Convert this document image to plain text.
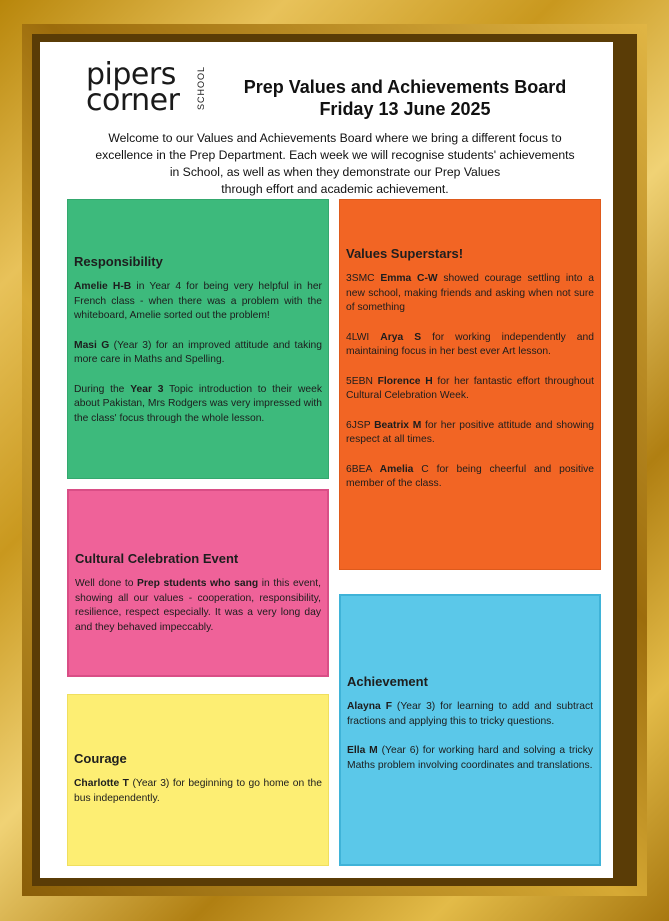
pipers
corner SCHOOL	Prep Values and Achievements Board
Friday 13 June 2025
Welcome to our Values and Achievements Board where we bring a different focus to
excellence in the Prep Department. Each week we will recognise students' achievements
in School, as well as when they demonstrate our Prep Values
through effort and academic achievement.
Responsibility

Amelie H-B in Year 4 for being very helpful in her French class - when there was a problem with the whiteboard, Amelie sorted out the problem!

Masi G (Year 3) for an improved attitude and taking more care in Maths and Spelling.

During the Year 3 Topic introduction to their week about Pakistan, Mrs Rodgers was very impressed with the class' focus through the whole lesson.

Values Superstars!

3SMC Emma C-W showed courage settling into a new school, making friends and asking when not sure of something

4LWI Arya S for working independently and maintaining focus in her best ever Art lesson.

5EBN Florence H for her fantastic effort throughout Cultural Celebration Week.

6JSP Beatrix M for her positive attitude and showing respect at all times.

6BEA Amelia C for being cheerful and positive member of the class.

Cultural Celebration Event

Well done to Prep students who sang in this event, showing all our values - cooperation, responsibility, resilience, respect especially. It was a very long day and they behaved impeccably.

Achievement

Alayna F (Year 3) for learning to add and subtract fractions and applying this to tricky questions.

Ella M (Year 6) for working hard and solving a tricky Maths problem involving coordinates and translations.

Courage

Charlotte T (Year 3) for beginning to go home on the bus independently.
